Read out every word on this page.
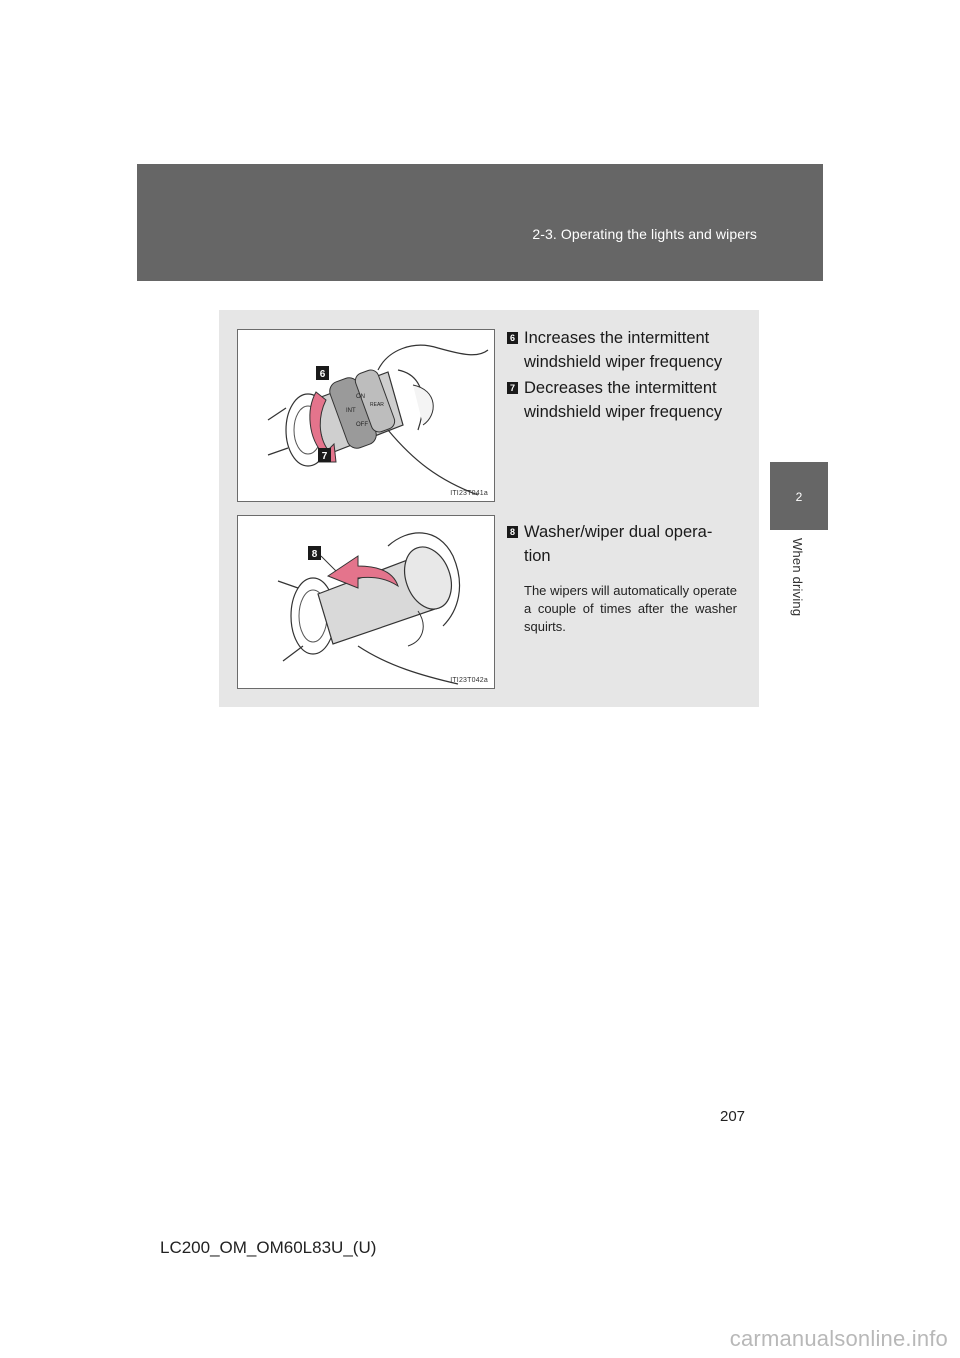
2-3. Operating the lights and wipers
2
When driving
ON
INT
OFF
REAR
6
7
ITI23T041a
8
ITI23T042a
6 Increases the intermittent
windshield wiper frequency
7 Decreases the intermittent
windshield wiper frequency
8 Washer/wiper dual opera-
tion
The wipers will automatically operate a couple of times after the washer squirts.
207
LC200_OM_OM60L83U_(U)
carmanualsonline.info
